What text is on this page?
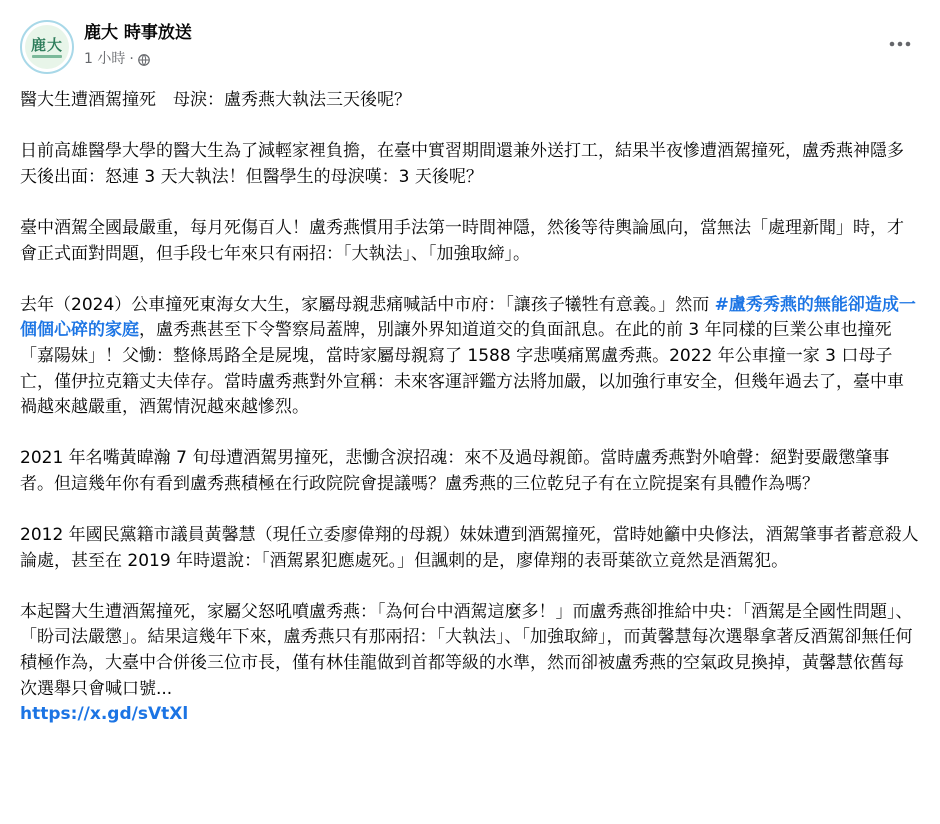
鹿大
鹿大 時事放送
1 小時 ·

醫大生遭酒駕撞死　母淚：盧秀燕大執法三天後呢？

日前高雄醫學大學的醫大生為了減輕家裡負擔，在臺中實習期間還兼外送打工，結果半夜慘遭酒駕撞死，盧秀燕神隱多天後出面：怒連 3 天大執法！但醫學生的母淚嘆：3 天後呢？

臺中酒駕全國最嚴重，每月死傷百人！盧秀燕慣用手法第一時間神隱，然後等待輿論風向，當無法「處理新聞」時，才會正式面對問題，但手段七年來只有兩招：「大執法」、「加強取締」。

去年（2024）公車撞死東海女大生，家屬母親悲痛喊話中市府：「讓孩子犧牲有意義。」然而 #盧秀秀燕的無能卻造成一個個心碎的家庭，盧秀燕甚至下令警察局蓋牌，別讓外界知道道交的負面訊息。在此的前 3 年同樣的巨業公車也撞死「嘉陽妹」！父慟：整條馬路全是屍塊，當時家屬母親寫了 1588 字悲嘆痛罵盧秀燕。2022 年公車撞一家 3 口母子亡，僅伊拉克籍丈夫倖存。當時盧秀燕對外宣稱：未來客運評鑑方法將加嚴，以加強行車安全，但幾年過去了，臺中車禍越來越嚴重，酒駕情況越來越慘烈。

2021 年名嘴黃暐瀚 7 旬母遭酒駕男撞死，悲慟含淚招魂：來不及過母親節。當時盧秀燕對外嗆聲：絕對要嚴懲肇事者。但這幾年你有看到盧秀燕積極在行政院院會提議嗎？盧秀燕的三位乾兒子有在立院提案有具體作為嗎？

2012 年國民黨籍市議員黃馨慧（現任立委廖偉翔的母親）妹妹遭到酒駕撞死，當時她籲中央修法，酒駕肇事者蓄意殺人論處，甚至在 2019 年時還說：「酒駕累犯應處死。」但諷刺的是，廖偉翔的表哥葉欲立竟然是酒駕犯。

本起醫大生遭酒駕撞死，家屬父怒吼噴盧秀燕：「為何台中酒駕這麼多！」而盧秀燕卻推給中央：「酒駕是全國性問題」、「盼司法嚴懲」。結果這幾年下來，盧秀燕只有那兩招：「大執法」、「加強取締」，而黃馨慧每次選舉拿著反酒駕卻無任何積極作為，大臺中合併後三位市長，僅有林佳龍做到首都等級的水準，然而卻被盧秀燕的空氣政見換掉，黃馨慧依舊每次選舉只會喊口號...

https://x.gd/sVtXl
